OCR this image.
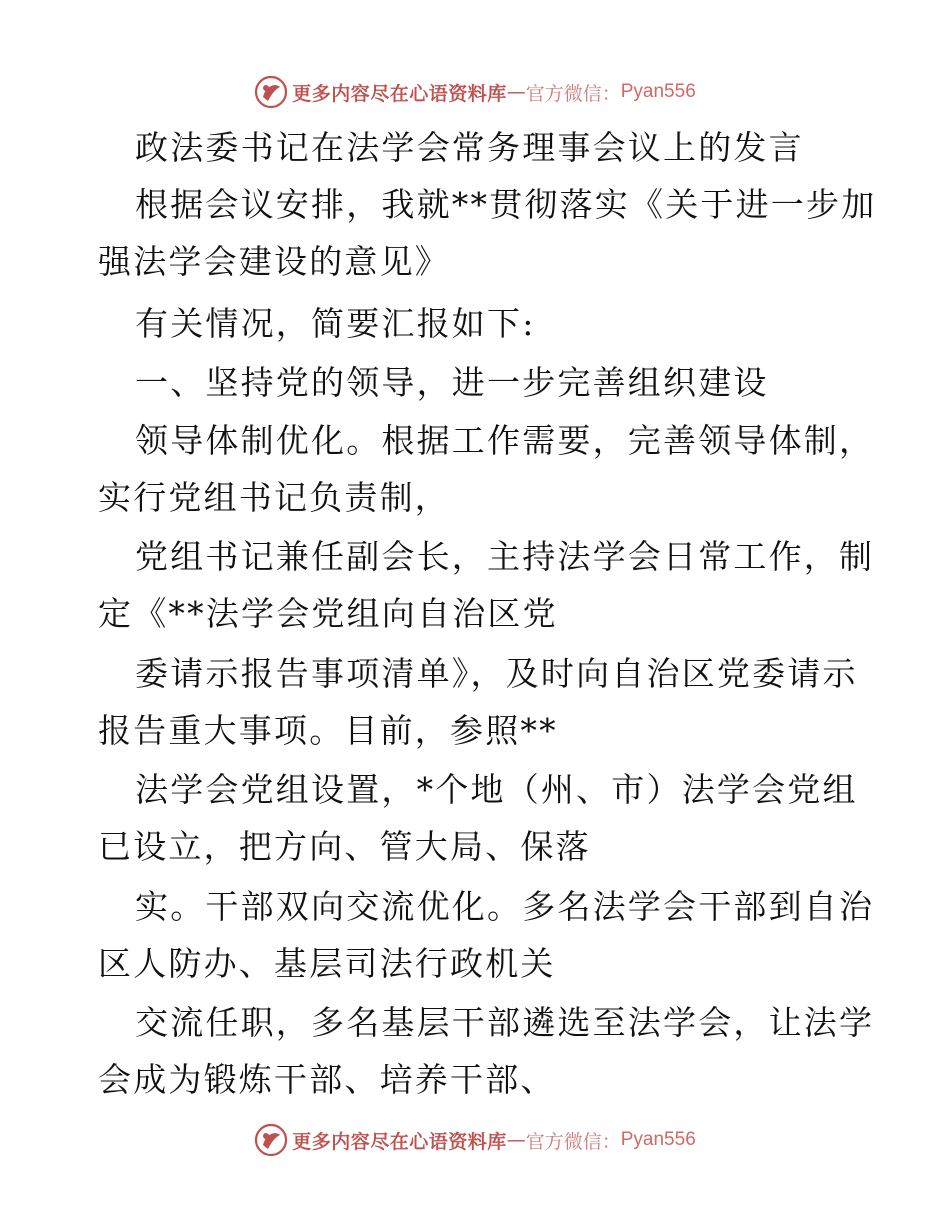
更多内容尽在心语资料库 — 官方微信： Pyan556
政法委书记在法学会常务理事会议上的发言
根据会议安排，我就**贯彻落实《关于进一步加
强法学会建设的意见》
有关情况，简要汇报如下:
一、坚持党的领导，进一步完善组织建设
领导体制优化。根据工作需要，完善领导体制，
实行党组书记负责制，
党组书记兼任副会长，主持法学会日常工作，制
定《**法学会党组向自治区党
委请示报告事项清单》，及时向自治区党委请示
报告重大事项。目前，参照**
法学会党组设置，*个地（州、市）法学会党组
已设立，把方向、管大局、保落
实。干部双向交流优化。多名法学会干部到自治
区人防办、基层司法行政机关
交流任职，多名基层干部遴选至法学会，让法学
会成为锻炼干部、培养干部、
更多内容尽在心语资料库 — 官方微信： Pyan556
